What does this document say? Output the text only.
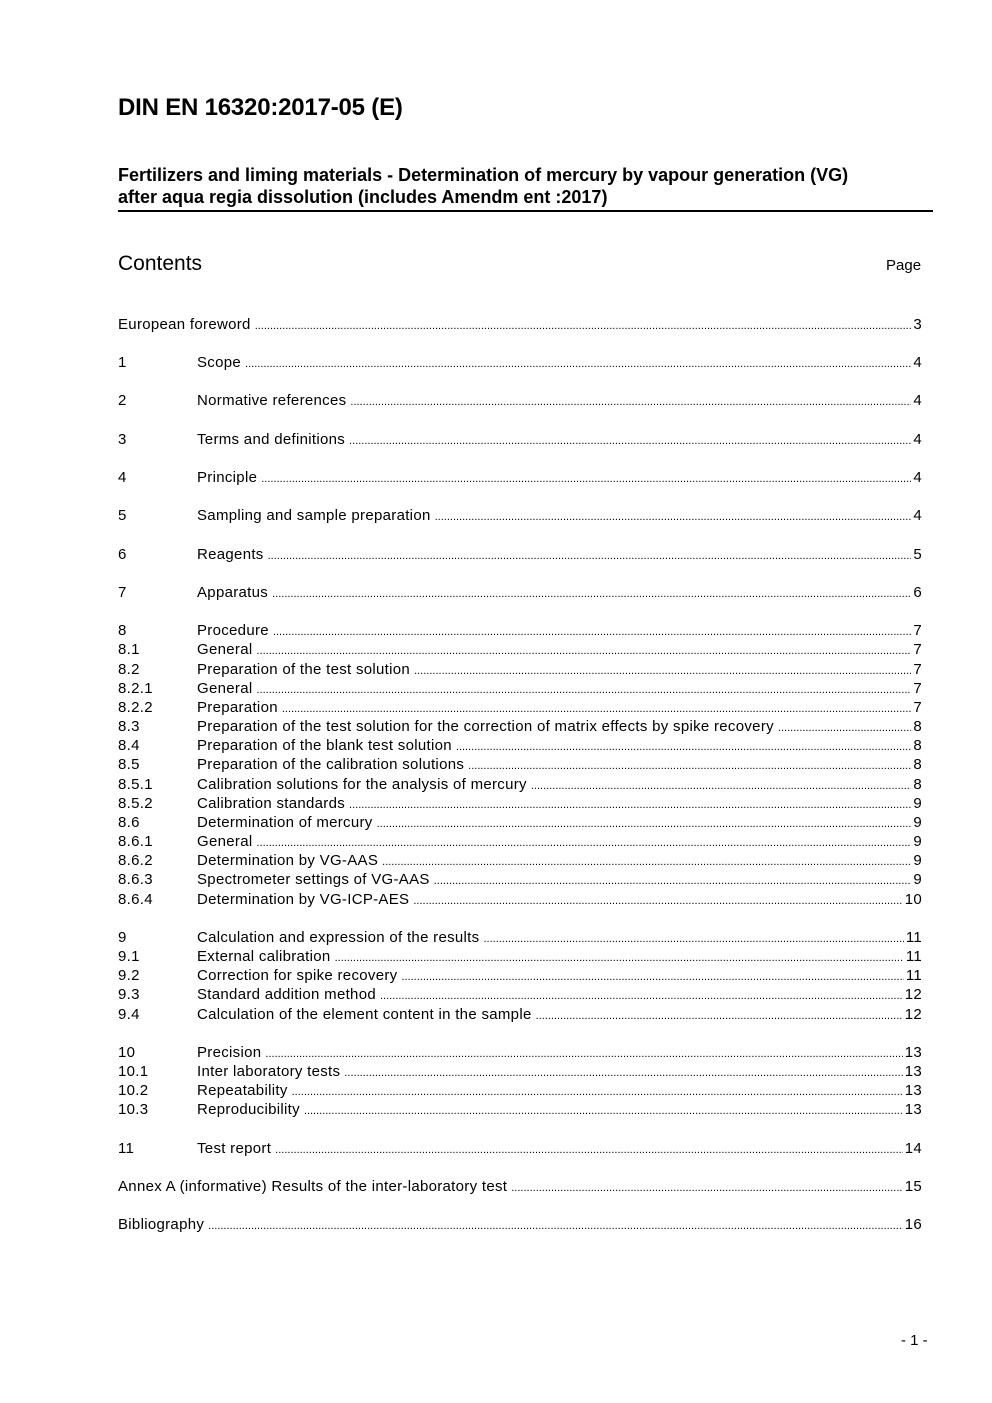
DIN EN 16320:2017-05 (E)
Fertilizers and liming materials - Determination of mercury by vapour generation (VG)
after aqua regia dissolution (includes Amendm ent :2017)
Contents	Page
European foreword .....	3
1	Scope .....	4
2	Normative references .....	4
3	Terms and definitions .....	4
4	Principle .....	4
5	Sampling and sample preparation .....	4
6	Reagents .....	5
7	Apparatus .....	6
8	Procedure .....	7
8.1	General .....	7
8.2	Preparation of the test solution .....	7
8.2.1	General .....	7
8.2.2	Preparation .....	7
8.3	Preparation of the test solution for the correction of matrix effects by spike recovery .....	8
8.4	Preparation of the blank test solution .....	8
8.5	Preparation of the calibration solutions .....	8
8.5.1	Calibration solutions for the analysis of mercury .....	8
8.5.2	Calibration standards .....	9
8.6	Determination of mercury .....	9
8.6.1	General .....	9
8.6.2	Determination by VG-AAS .....	9
8.6.3	Spectrometer settings of VG-AAS .....	9
8.6.4	Determination by VG-ICP-AES .....	10
9	Calculation and expression of the results .....	11
9.1	External calibration .....	11
9.2	Correction for spike recovery .....	11
9.3	Standard addition method .....	12
9.4	Calculation of the element content in the sample .....	12
10	Precision .....	13
10.1	Inter laboratory tests .....	13
10.2	Repeatability .....	13
10.3	Reproducibility .....	13
11	Test report .....	14
Annex A (informative) Results of the inter-laboratory test .....	15
Bibliography .....	16
- 1 -
